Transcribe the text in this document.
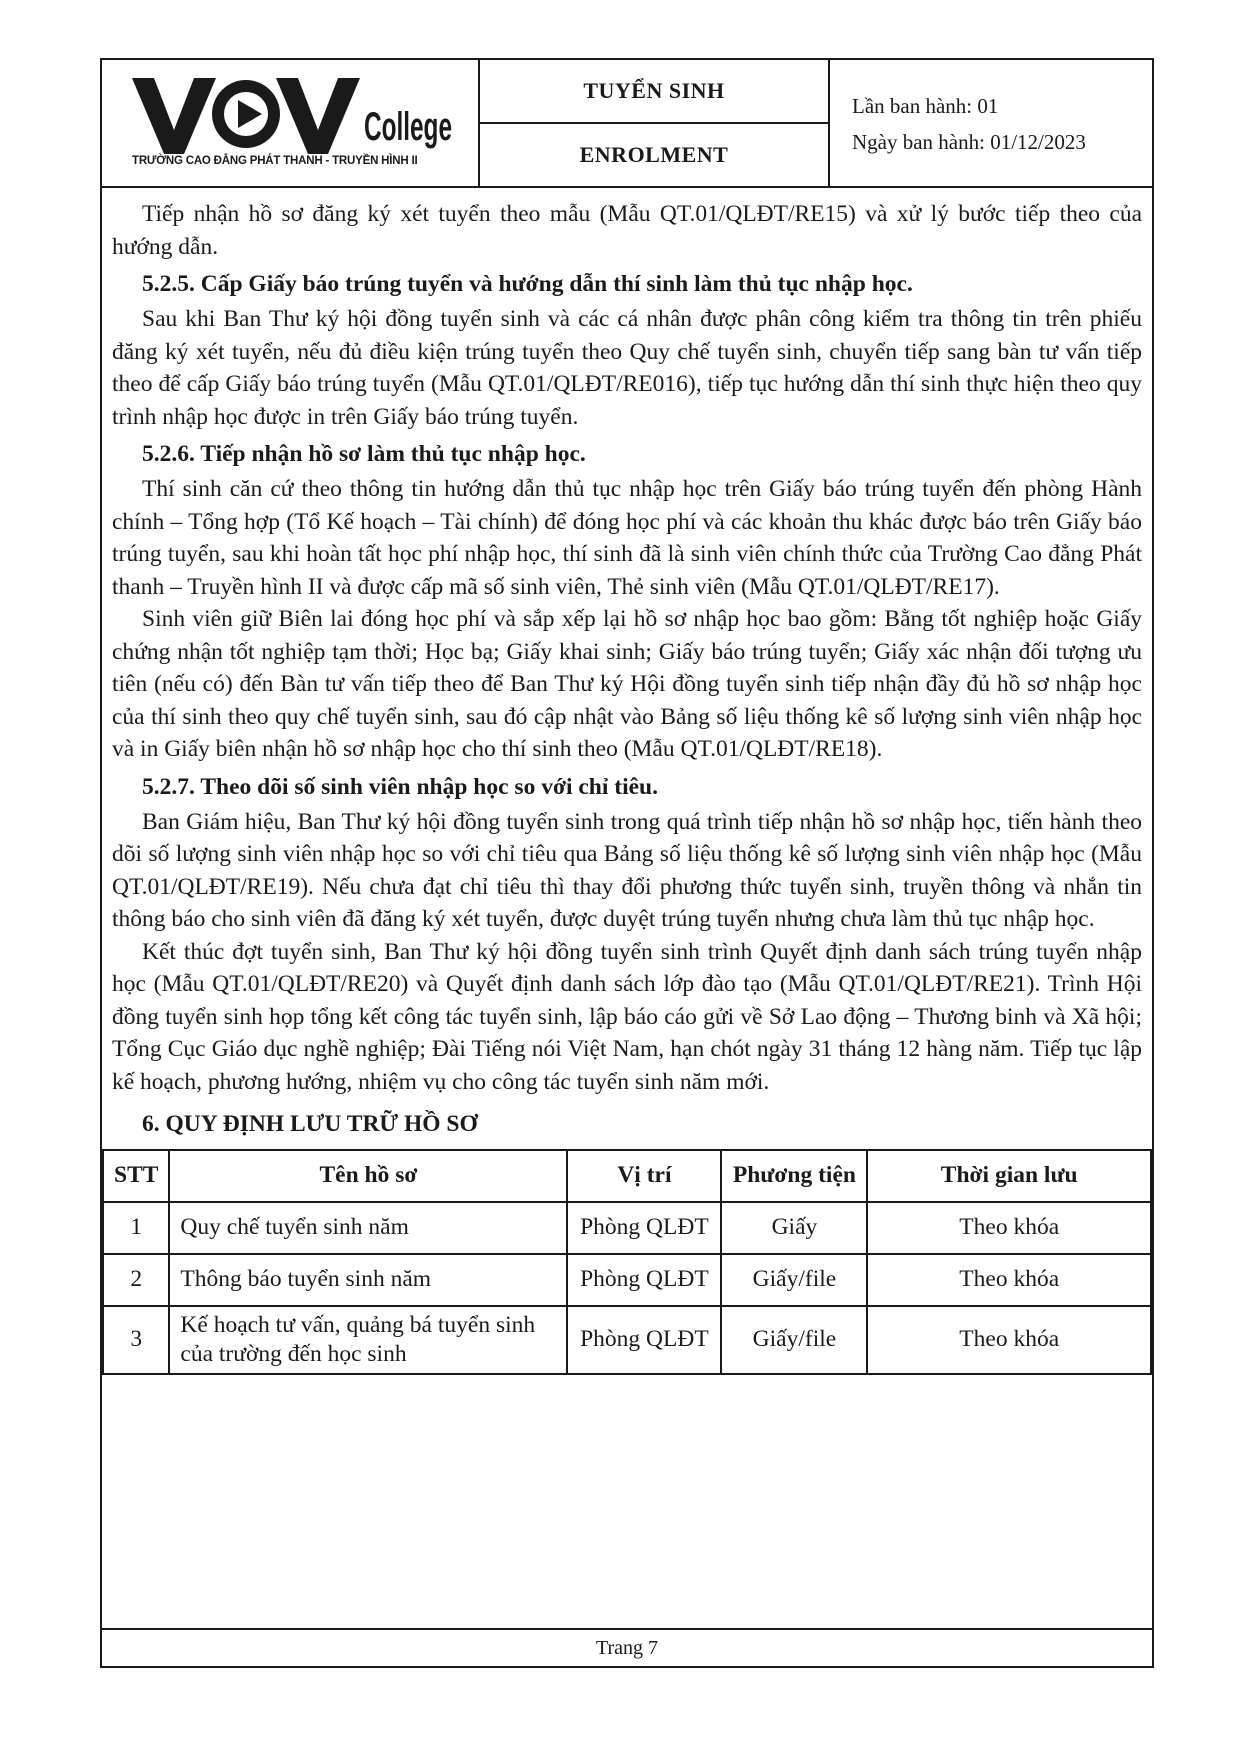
College
TRƯỜNG CAO ĐẲNG PHÁT THANH - TRUYỀN HÌNH II
TUYỂN SINH
ENROLMENT
Lần ban hành: 01
Ngày ban hành: 01/12/2023

Tiếp nhận hồ sơ đăng ký xét tuyển theo mẫu (Mẫu QT.01/QLĐT/RE15) và xử lý bước tiếp theo của hướng dẫn.

5.2.5. Cấp Giấy báo trúng tuyển và hướng dẫn thí sinh làm thủ tục nhập học.

Sau khi Ban Thư ký hội đồng tuyển sinh và các cá nhân được phân công kiểm tra thông tin trên phiếu đăng ký xét tuyển, nếu đủ điều kiện trúng tuyển theo Quy chế tuyển sinh, chuyển tiếp sang bàn tư vấn tiếp theo để cấp Giấy báo trúng tuyển (Mẫu QT.01/QLĐT/RE016), tiếp tục hướng dẫn thí sinh thực hiện theo quy trình nhập học được in trên Giấy báo trúng tuyển.

5.2.6. Tiếp nhận hồ sơ làm thủ tục nhập học.

Thí sinh căn cứ theo thông tin hướng dẫn thủ tục nhập học trên Giấy báo trúng tuyển đến phòng Hành chính – Tổng hợp (Tổ Kế hoạch – Tài chính) để đóng học phí và các khoản thu khác được báo trên Giấy báo trúng tuyển, sau khi hoàn tất học phí nhập học, thí sinh đã là sinh viên chính thức của Trường Cao đẳng Phát thanh – Truyền hình II và được cấp mã số sinh viên, Thẻ sinh viên (Mẫu QT.01/QLĐT/RE17).

Sinh viên giữ Biên lai đóng học phí và sắp xếp lại hồ sơ nhập học bao gồm: Bằng tốt nghiệp hoặc Giấy chứng nhận tốt nghiệp tạm thời; Học bạ; Giấy khai sinh; Giấy báo trúng tuyển; Giấy xác nhận đối tượng ưu tiên (nếu có) đến Bàn tư vấn tiếp theo để Ban Thư ký Hội đồng tuyển sinh tiếp nhận đầy đủ hồ sơ nhập học của thí sinh theo quy chế tuyển sinh, sau đó cập nhật vào Bảng số liệu thống kê số lượng sinh viên nhập học và in Giấy biên nhận hồ sơ nhập học cho thí sinh theo (Mẫu QT.01/QLĐT/RE18).

5.2.7. Theo dõi số sinh viên nhập học so với chỉ tiêu.

Ban Giám hiệu, Ban Thư ký hội đồng tuyển sinh trong quá trình tiếp nhận hồ sơ nhập học, tiến hành theo dõi số lượng sinh viên nhập học so với chỉ tiêu qua Bảng số liệu thống kê số lượng sinh viên nhập học (Mẫu QT.01/QLĐT/RE19). Nếu chưa đạt chỉ tiêu thì thay đổi phương thức tuyển sinh, truyền thông và nhắn tin thông báo cho sinh viên đã đăng ký xét tuyển, được duyệt trúng tuyển nhưng chưa làm thủ tục nhập học.

Kết thúc đợt tuyển sinh, Ban Thư ký hội đồng tuyển sinh trình Quyết định danh sách trúng tuyển nhập học (Mẫu QT.01/QLĐT/RE20) và Quyết định danh sách lớp đào tạo (Mẫu QT.01/QLĐT/RE21). Trình Hội đồng tuyển sinh họp tổng kết công tác tuyển sinh, lập báo cáo gửi về Sở Lao động – Thương binh và Xã hội; Tổng Cục Giáo dục nghề nghiệp; Đài Tiếng nói Việt Nam, hạn chót ngày 31 tháng 12 hàng năm. Tiếp tục lập kế hoạch, phương hướng, nhiệm vụ cho công tác tuyển sinh năm mới.

6. QUY ĐỊNH LƯU TRỮ HỒ SƠ
STT	Tên hồ sơ	Vị trí	Phương tiện	Thời gian lưu
1	Quy chế tuyển sinh năm	Phòng QLĐT	Giấy	Theo khóa
2	Thông báo tuyển sinh năm	Phòng QLĐT	Giấy/file	Theo khóa
3	Kế hoạch tư vấn, quảng bá tuyển sinh của trường đến học sinh	Phòng QLĐT	Giấy/file	Theo khóa
Trang 7
